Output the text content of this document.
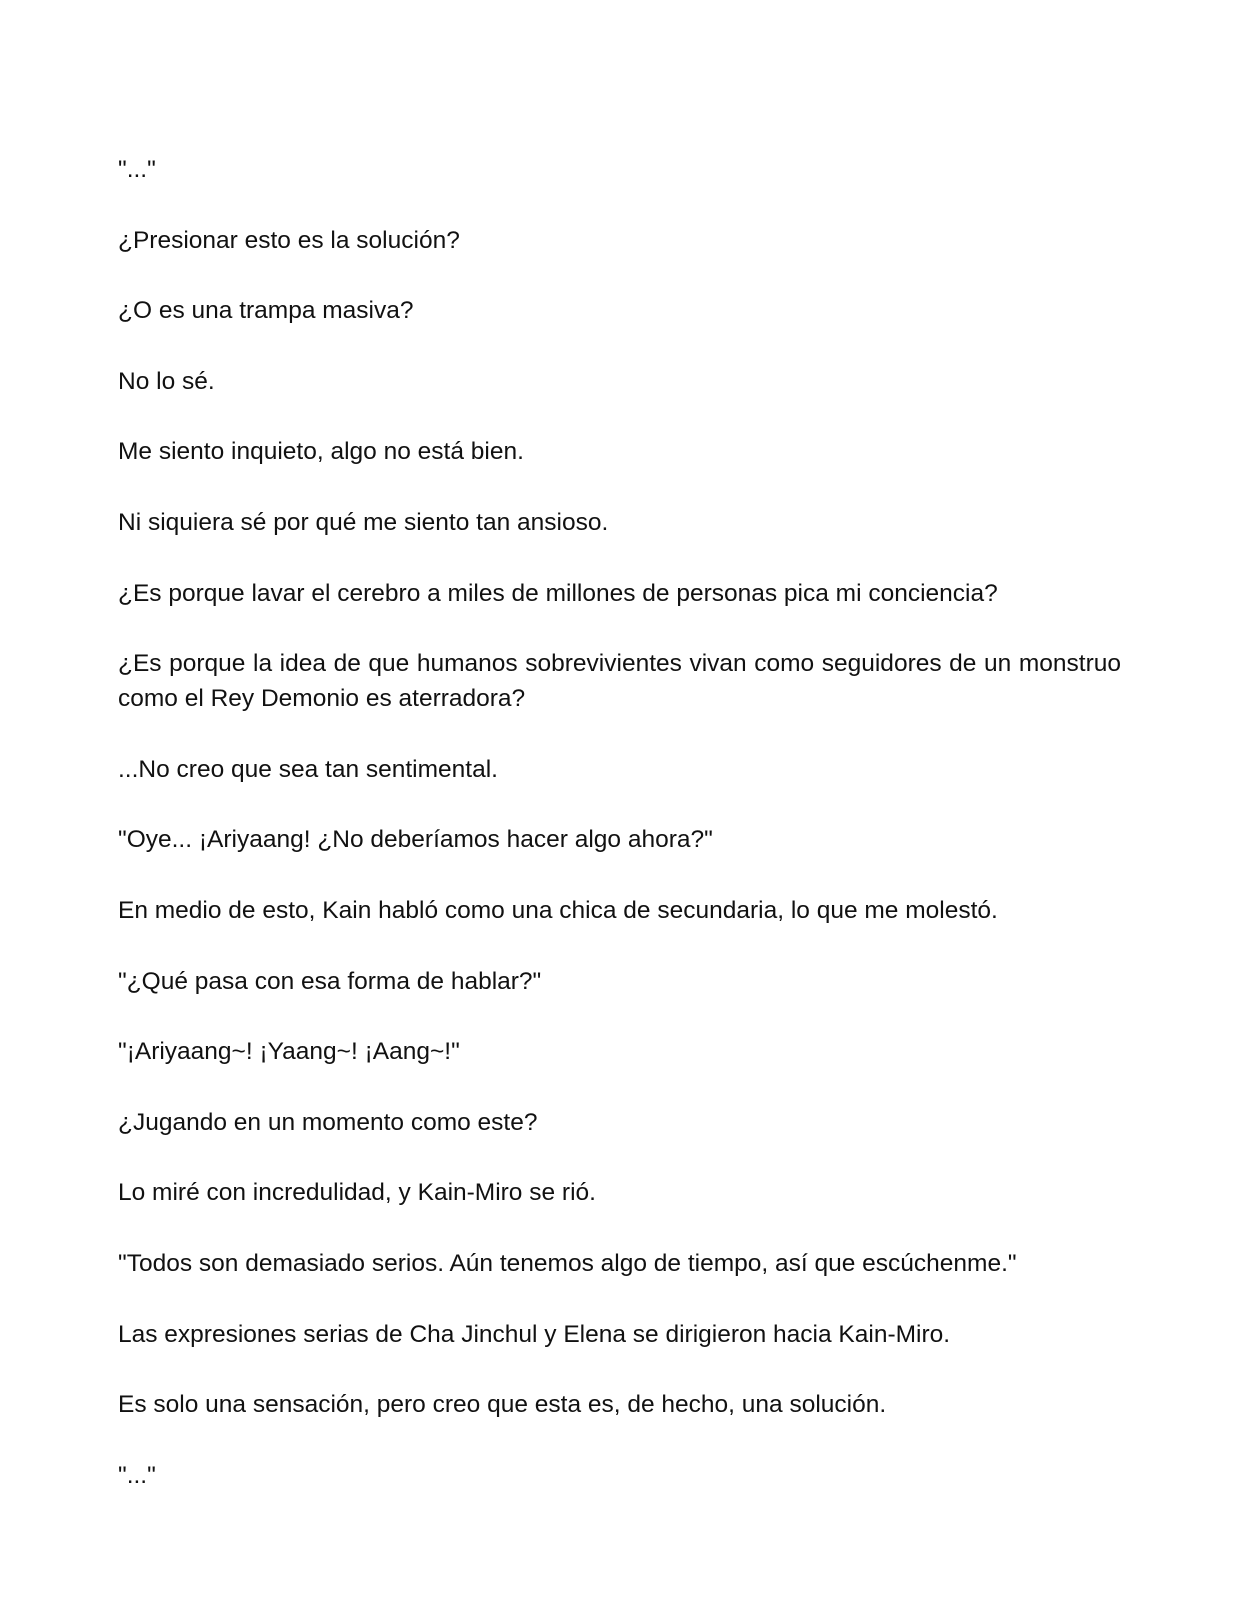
"..."

¿Presionar esto es la solución?

¿O es una trampa masiva?

No lo sé.

Me siento inquieto, algo no está bien.

Ni siquiera sé por qué me siento tan ansioso.

¿Es porque lavar el cerebro a miles de millones de personas pica mi conciencia?

¿Es porque la idea de que humanos sobrevivientes vivan como seguidores de un monstruo como el Rey Demonio es aterradora?

...No creo que sea tan sentimental.

"Oye... ¡Ariyaang! ¿No deberíamos hacer algo ahora?"

En medio de esto, Kain habló como una chica de secundaria, lo que me molestó.

"¿Qué pasa con esa forma de hablar?"

"¡Ariyaang~! ¡Yaang~! ¡Aang~!"

¿Jugando en un momento como este?

Lo miré con incredulidad, y Kain-Miro se rió.

"Todos son demasiado serios. Aún tenemos algo de tiempo, así que escúchenme."

Las expresiones serias de Cha Jinchul y Elena se dirigieron hacia Kain-Miro.

Es solo una sensación, pero creo que esta es, de hecho, una solución.

"..."
